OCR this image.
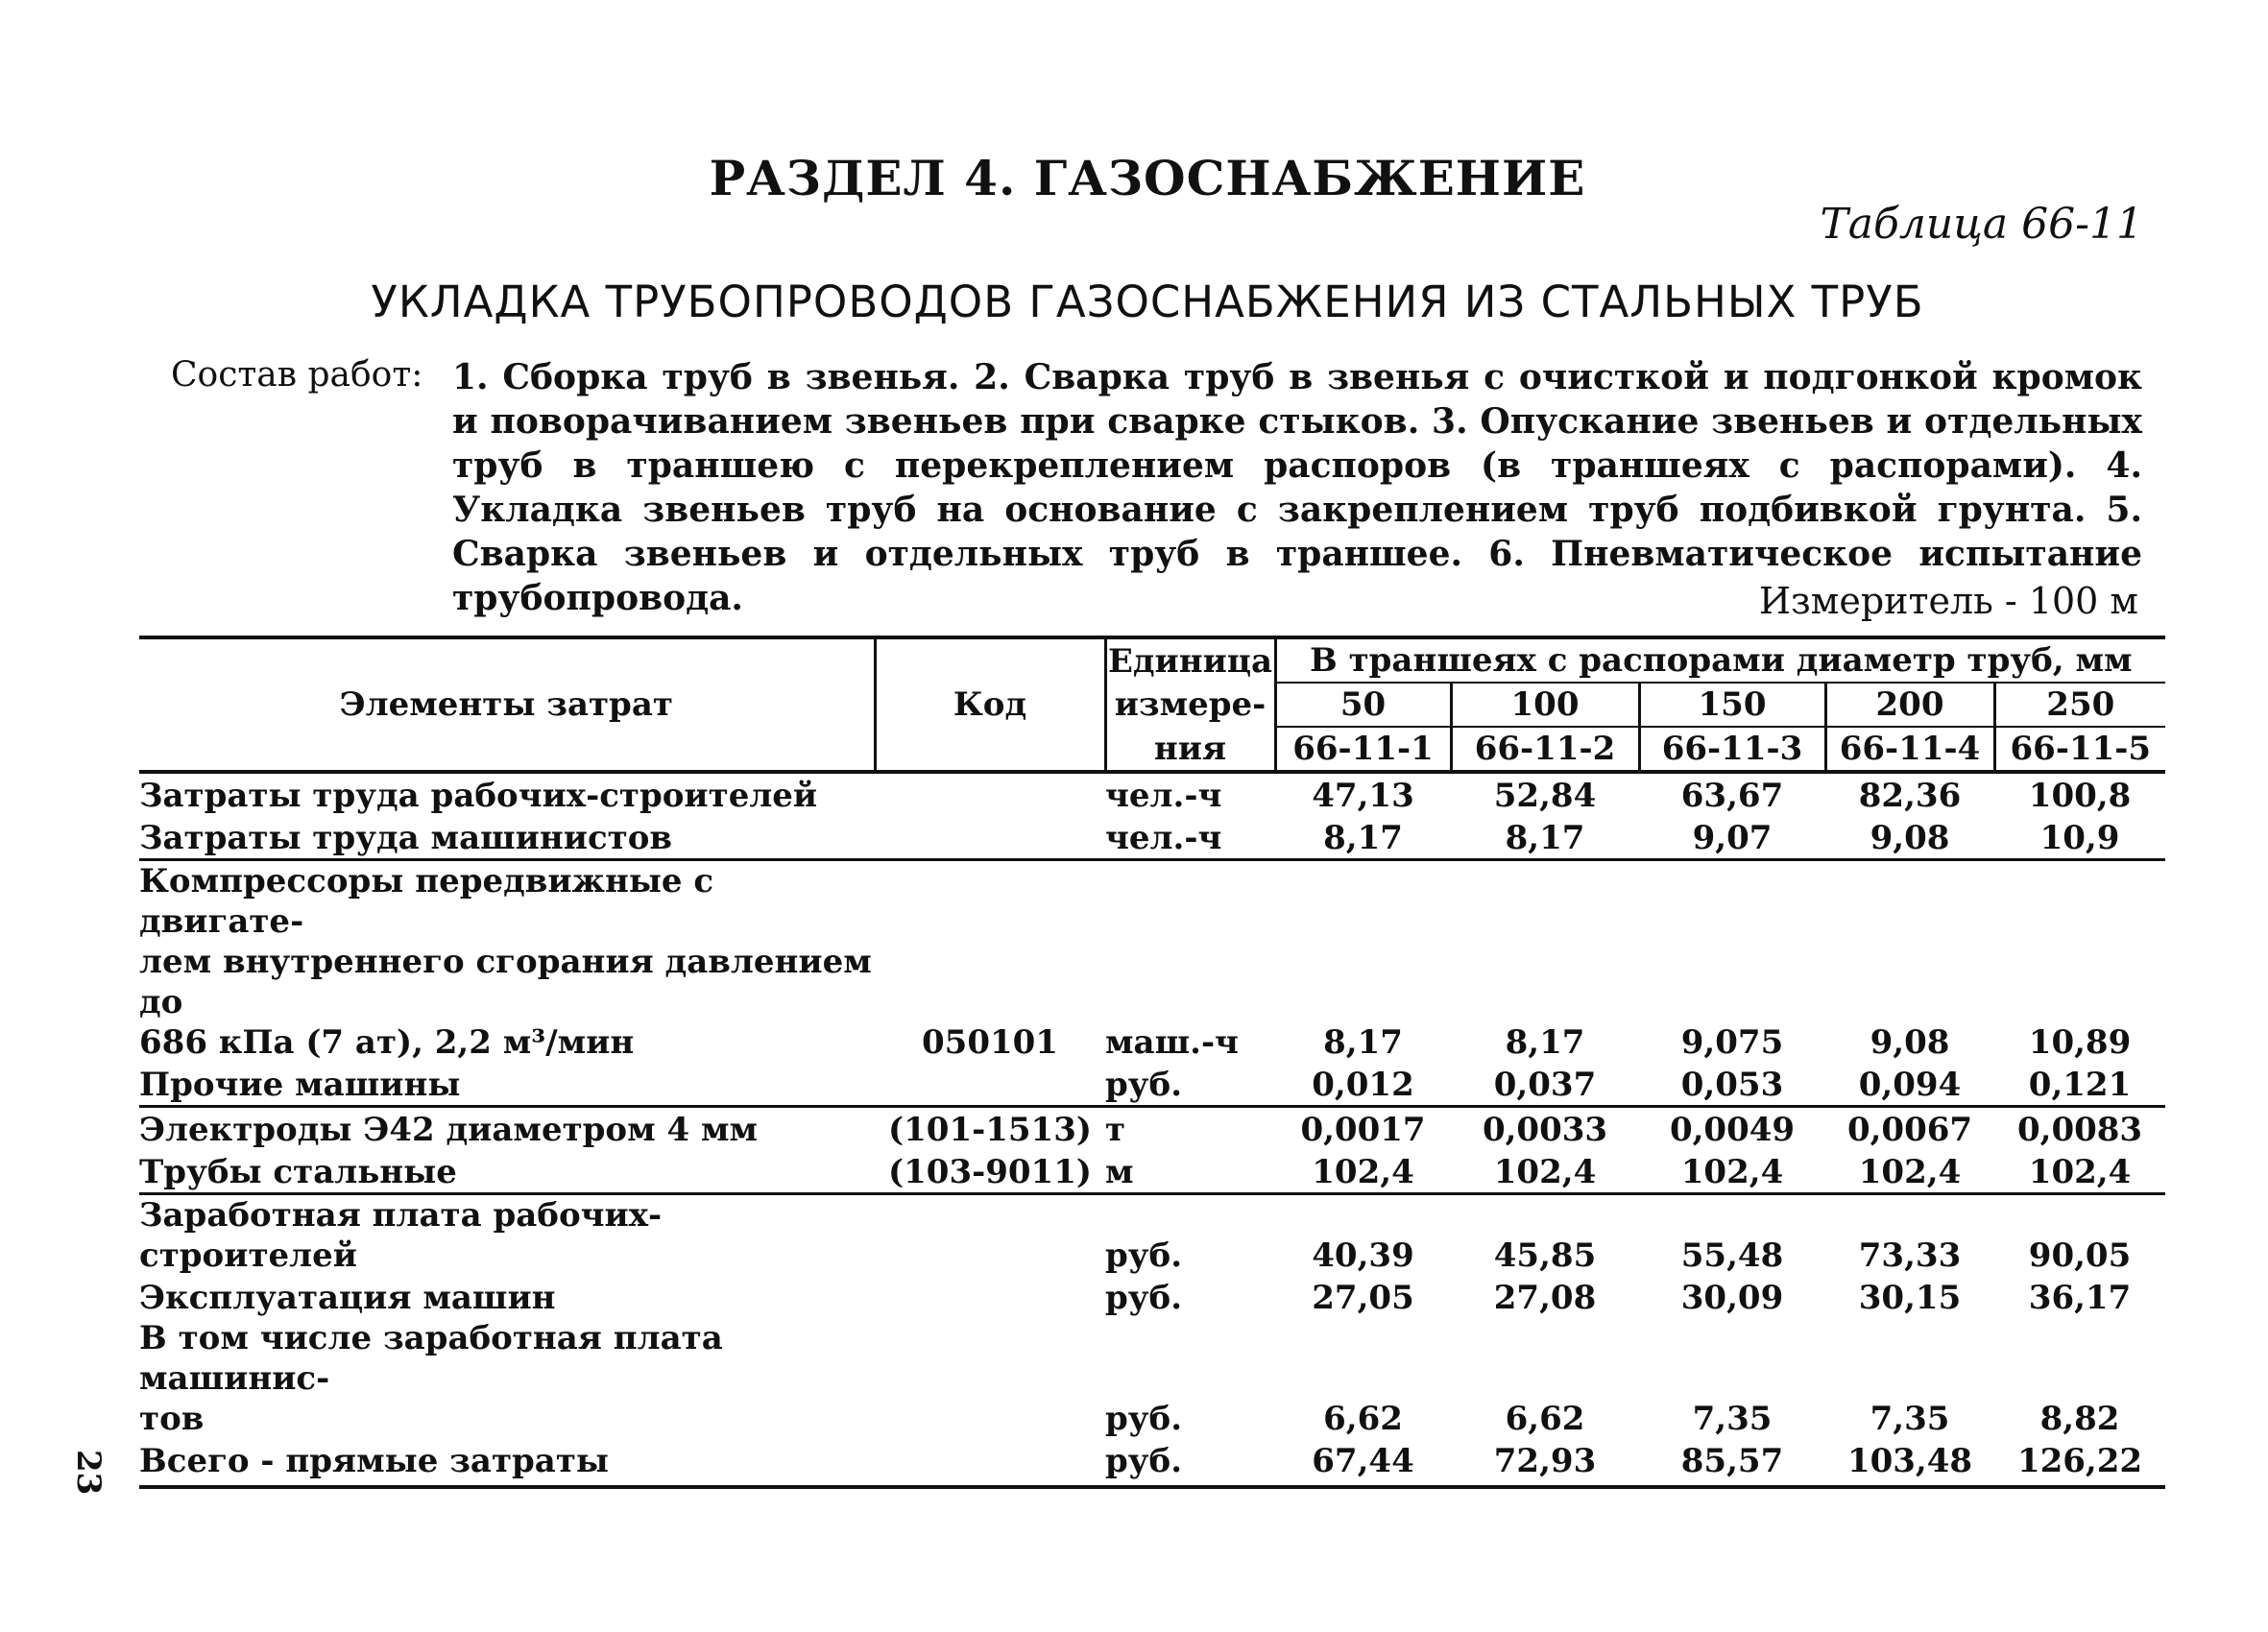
РАЗДЕЛ 4. ГАЗОСНАБЖЕНИЕ
Таблица 66-11
УКЛАДКА ТРУБОПРОВОДОВ ГАЗОСНАБЖЕНИЯ ИЗ СТАЛЬНЫХ ТРУБ
Состав работ: 1. Сборка труб в звенья. 2. Сварка труб в звенья с очисткой и подгонкой кромок и поворачиванием звеньев при сварке стыков. 3. Опускание звеньев и отдельных труб в траншею с перекреплением распоров (в траншеях с распорами). 4. Укладка звеньев труб на основание с закреплением труб подбивкой грунта. 5. Сварка звеньев и отдельных труб в траншее. 6. Пневматическое испытание трубопровода.	Измеритель - 100 м
Элементы затрат	Код	Единица	В траншеях с распорами диаметр труб, мм				
		измере-	50	100	150	200	250
		ния	66-11-1	66-11-2	66-11-3	66-11-4	66-11-5
Затраты труда рабочих-строителей		чел.-ч	47,13	52,84	63,67	82,36	100,8
Затраты труда машинистов		чел.-ч	8,17	8,17	9,07	9,08	10,9

Компрессоры передвижные с двигате-
лем внутреннего сгорания давлением до
686 кПа (7 ат), 2,2 м³/мин	050101	маш.-ч	8,17	8,17	9,075	9,08	10,89
Прочие машины		руб.	0,012	0,037	0,053	0,094	0,121
Электроды Э42 диаметром 4 мм	(101-1513)	т	0,0017	0,0033	0,0049	0,0067	0,0083
Трубы стальные	(103-9011)	м	102,4	102,4	102,4	102,4	102,4
Заработная плата рабочих-строителей		руб.	40,39	45,85	55,48	73,33	90,05
Эксплуатация машин		руб.	27,05	27,08	30,09	30,15	36,17

В том числе заработная плата машинис-
тов		руб.	6,62	6,62	7,35	7,35	8,82
Всего - прямые затраты		руб.	67,44	72,93	85,57	103,48	126,22
23
